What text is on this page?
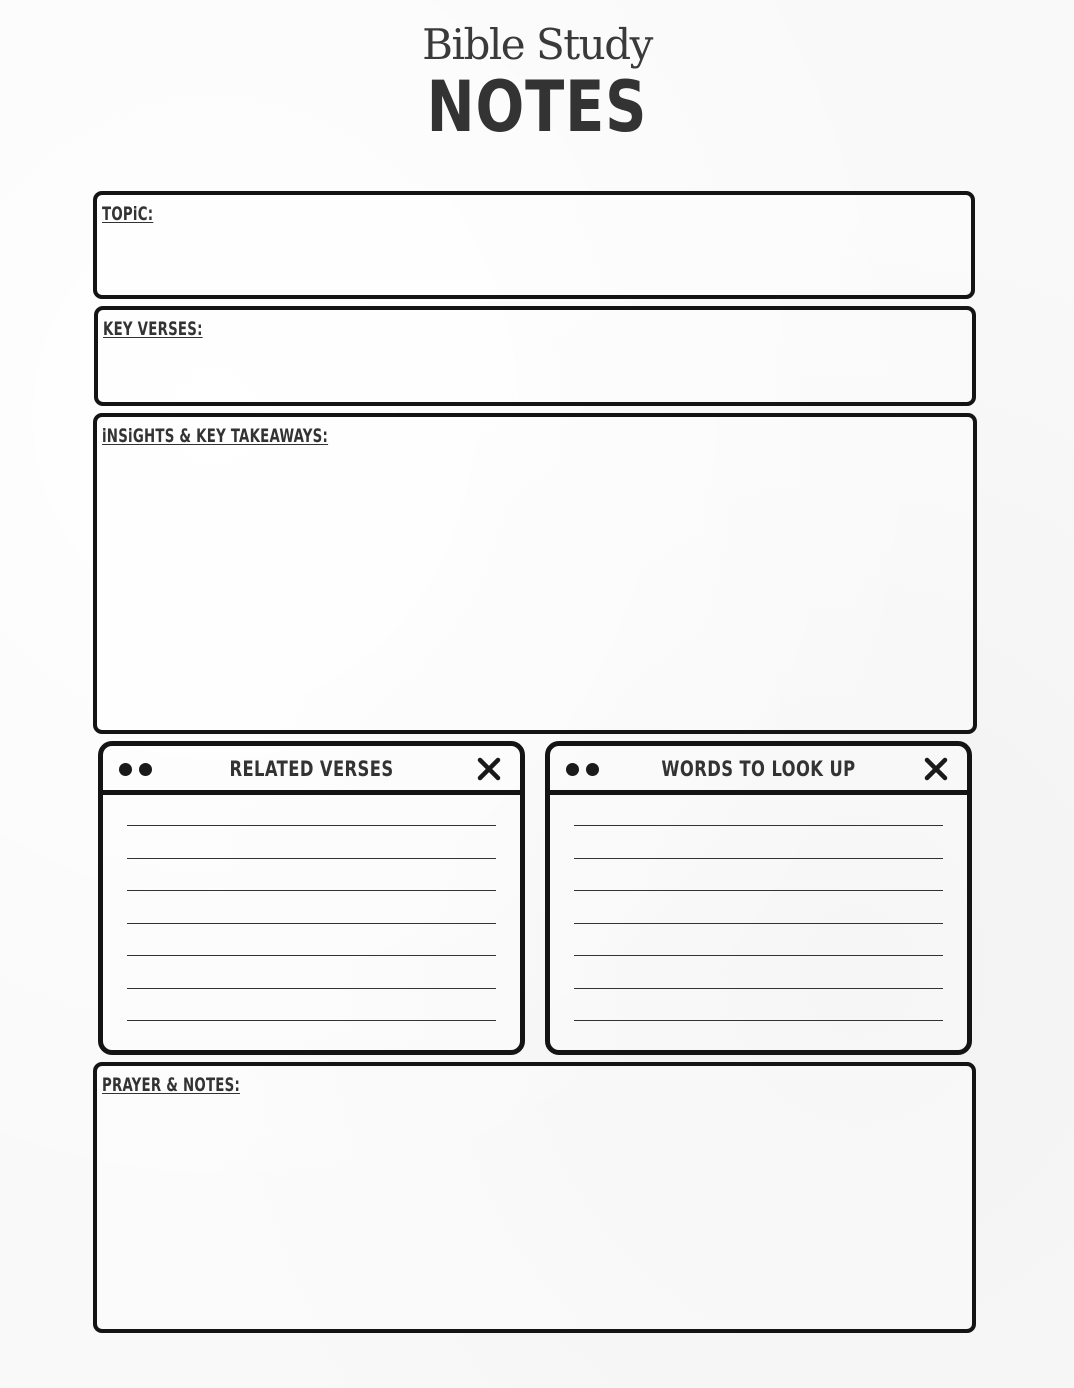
Bible Study
NOTES
TOPiC:
KEY VERSES:
iNSiGHTS & KEY TAKEAWAYS:
RELATED VERSES	WORDS TO LOOK UP
PRAYER & NOTES:
